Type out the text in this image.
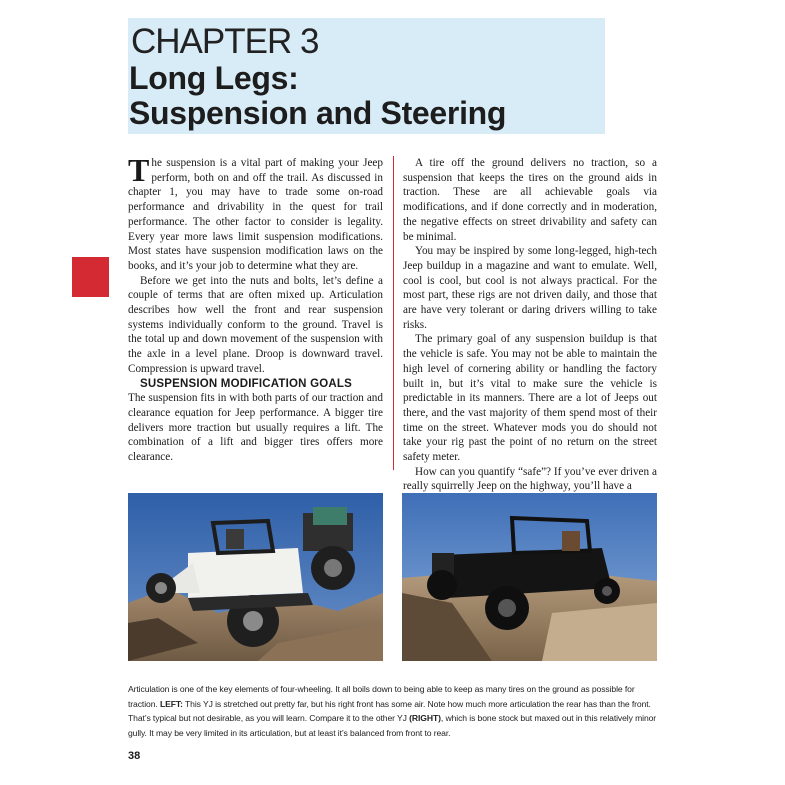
CHAPTER 3
Long Legs:
Suspension and Steering

The suspension is a vital part of making your Jeep perform, both on and off the trail. As discussed in chapter 1, you may have to trade some on-road performance and drivability in the quest for trail performance. The other factor to consider is legality. Every year more laws limit suspension modifications. Most states have suspension modification laws on the books, and it’s your job to determine what they are.

Before we get into the nuts and bolts, let’s define a couple of terms that are often mixed up. Articulation describes how well the front and rear suspension systems individually conform to the ground. Travel is the total up and down movement of the suspension with the axle in a level plane. Droop is downward travel. Compression is upward travel.

SUSPENSION MODIFICATION GOALS

The suspension fits in with both parts of our traction and clearance equation for Jeep performance. A bigger tire delivers more traction but usually requires a lift. The combination of a lift and bigger tires offers more clearance.

A tire off the ground delivers no traction, so a suspension that keeps the tires on the ground aids in traction. These are all achievable goals via modifications, and if done correctly and in moderation, the negative effects on street drivability and safety can be minimal.

You may be inspired by some long-legged, high-tech Jeep buildup in a magazine and want to emulate. Well, cool is cool, but cool is not always practical. For the most part, these rigs are not driven daily, and those that are have very tolerant or daring drivers willing to take risks.

The primary goal of any suspension buildup is that the vehicle is safe. You may not be able to maintain the high level of cornering ability or handling the factory built in, but it’s vital to make sure the vehicle is predictable in its manners. There are a lot of Jeeps out there, and the vast majority of them spend most of their time on the street. Whatever mods you do should not take your rig past the point of no return on the street safety meter.

How can you quantify “safe”? If you’ve ever driven a really squirrelly Jeep on the highway, you’ll have a

Articulation is one of the key elements of four-wheeling. It all boils down to being able to keep as many tires on the ground as possible for traction. LEFT: This YJ is stretched out pretty far, but his right front has some air. Note how much more articulation the rear has than the front. That’s typical but not desirable, as you will learn. Compare it to the other YJ (RIGHT), which is bone stock but maxed out in this relatively minor gully. It may be very limited in its articulation, but at least it’s balanced from front to rear.
38
